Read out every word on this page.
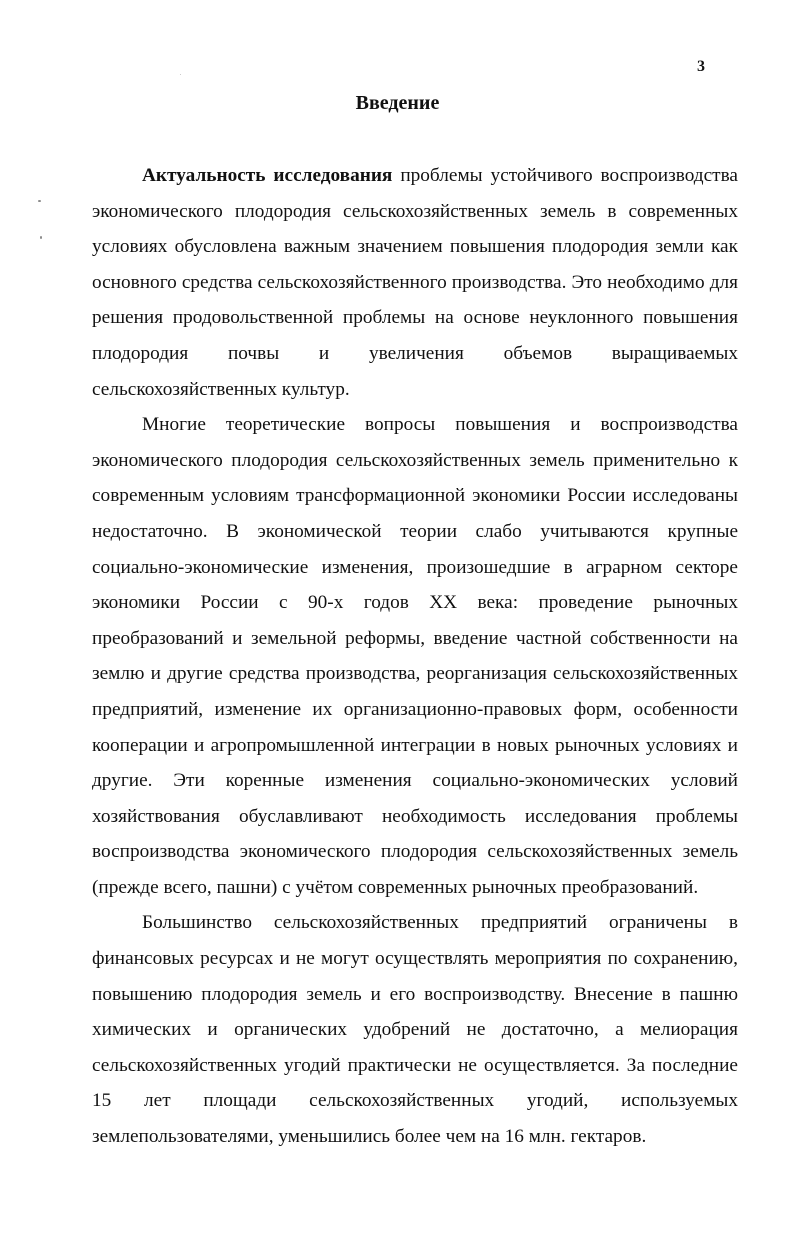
3
Введение

Актуальность исследования проблемы устойчивого воспроизводства экономического плодородия сельскохозяйственных земель в современных условиях обусловлена важным значением повышения плодородия земли как основного средства сельскохозяйственного производства. Это необходимо для решения продовольственной проблемы на основе неуклонного повышения плодородия почвы и увеличения объемов выращиваемых сельскохозяйственных культур.

Многие теоретические вопросы повышения и воспроизводства экономического плодородия сельскохозяйственных земель применительно к современным условиям трансформационной экономики России исследованы недостаточно. В экономической теории слабо учитываются крупные социально-экономические изменения, произошедшие в аграрном секторе экономики России с 90-х годов XX века: проведение рыночных преобразований и земельной реформы, введение частной собственности на землю и другие средства производства, реорганизация сельскохозяйственных предприятий, изменение их организационно-правовых форм, особенности кооперации и агропромышленной интеграции в новых рыночных условиях и другие. Эти коренные изменения социально-экономических условий хозяйствования обуславливают необходимость исследования проблемы воспроизводства экономического плодородия сельскохозяйственных земель (прежде всего, пашни) с учётом современных рыночных преобразований.

Большинство сельскохозяйственных предприятий ограничены в финансовых ресурсах и не могут осуществлять мероприятия по сохранению, повышению плодородия земель и его воспроизводству. Внесение в пашню химических и органических удобрений не достаточно, а мелиорация сельскохозяйственных угодий практически не осуществляется. За последние 15 лет площади сельскохозяйственных угодий, используемых землепользователями, уменьшились более чем на 16 млн. гектаров.
